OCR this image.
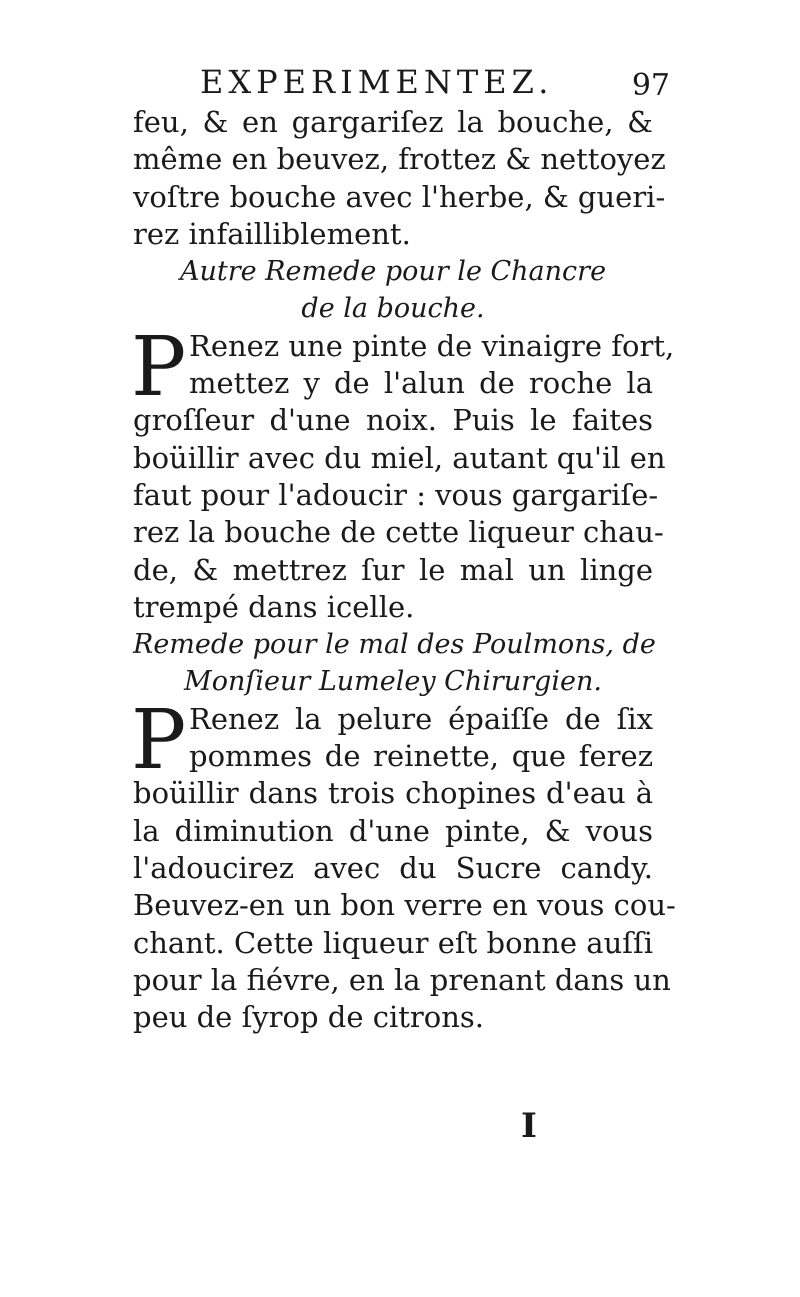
EXPERIMENTEZ.	97
feu, & en gargariſez la bouche, &
même en beuvez, frottez & nettoyez
voſtre bouche avec l'herbe, & gueri-
rez infailliblement.
Autre Remede pour le Chancre
de la bouche.
P Renez une pinte de vinaigre fort,
mettez y de l'alun de roche la
groſſeur d'une noix. Puis le faites
boüillir avec du miel, autant qu'il en
faut pour l'adoucir : vous gargariſe-
rez la bouche de cette liqueur chau-
de, & mettrez ſur le mal un linge
trempé dans icelle.
Remede pour le mal des Poulmons, de
Monſieur Lumeley Chirurgien.
P Renez la pelure épaiſſe de ſix
pommes de reinette, que ferez
boüillir dans trois chopines d'eau à
la diminution d'une pinte, & vous
l'adoucirez avec du Sucre candy.
Beuvez-en un bon verre en vous cou-
chant. Cette liqueur eſt bonne auſſi
pour la fiévre, en la prenant dans un
peu de ſyrop de citrons.
I
